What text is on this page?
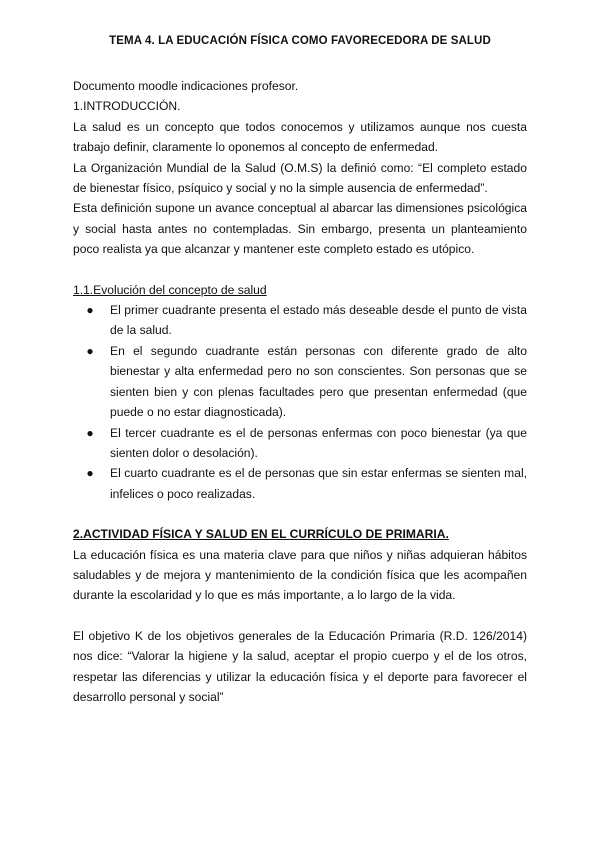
TEMA 4. LA EDUCACIÓN FÍSICA COMO FAVORECEDORA DE SALUD

Documento moodle indicaciones profesor.

1.INTRODUCCIÓN.

La salud es un concepto que todos conocemos y utilizamos aunque nos cuesta trabajo definir, claramente lo oponemos al concepto de enfermedad.

La Organización Mundial de la Salud (O.M.S) la definió como: “El completo estado de bienestar físico, psíquico y social y no la simple ausencia de enfermedad”.

Esta definición supone un avance conceptual al abarcar las dimensiones psicológica y social hasta antes no contempladas. Sin embargo, presenta un planteamiento poco realista ya que alcanzar y mantener este completo estado es utópico.

1.1.Evolución del concepto de salud

● El primer cuadrante presenta el estado más deseable desde el punto de vista de la salud.
● En el segundo cuadrante están personas con diferente grado de alto bienestar y alta enfermedad pero no son conscientes. Son personas que se sienten bien y con plenas facultades pero que presentan enfermedad (que puede o no estar diagnosticada).
● El tercer cuadrante es el de personas enfermas con poco bienestar (ya que sienten dolor o desolación).
● El cuarto cuadrante es el de personas que sin estar enfermas se sienten mal, infelices o poco realizadas.

2.ACTIVIDAD FÍSICA Y SALUD EN EL CURRÍCULO DE PRIMARIA.

La educación física es una materia clave para que niños y niñas adquieran hábitos saludables y de mejora y mantenimiento de la condición física que les acompañen durante la escolaridad y lo que es más importante, a lo largo de la vida.

El objetivo K de los objetivos generales de la Educación Primaria (R.D. 126/2014) nos dice: “Valorar la higiene y la salud, aceptar el propio cuerpo y el de los otros, respetar las diferencias y utilizar la educación física y el deporte para favorecer el desarrollo personal y social”
